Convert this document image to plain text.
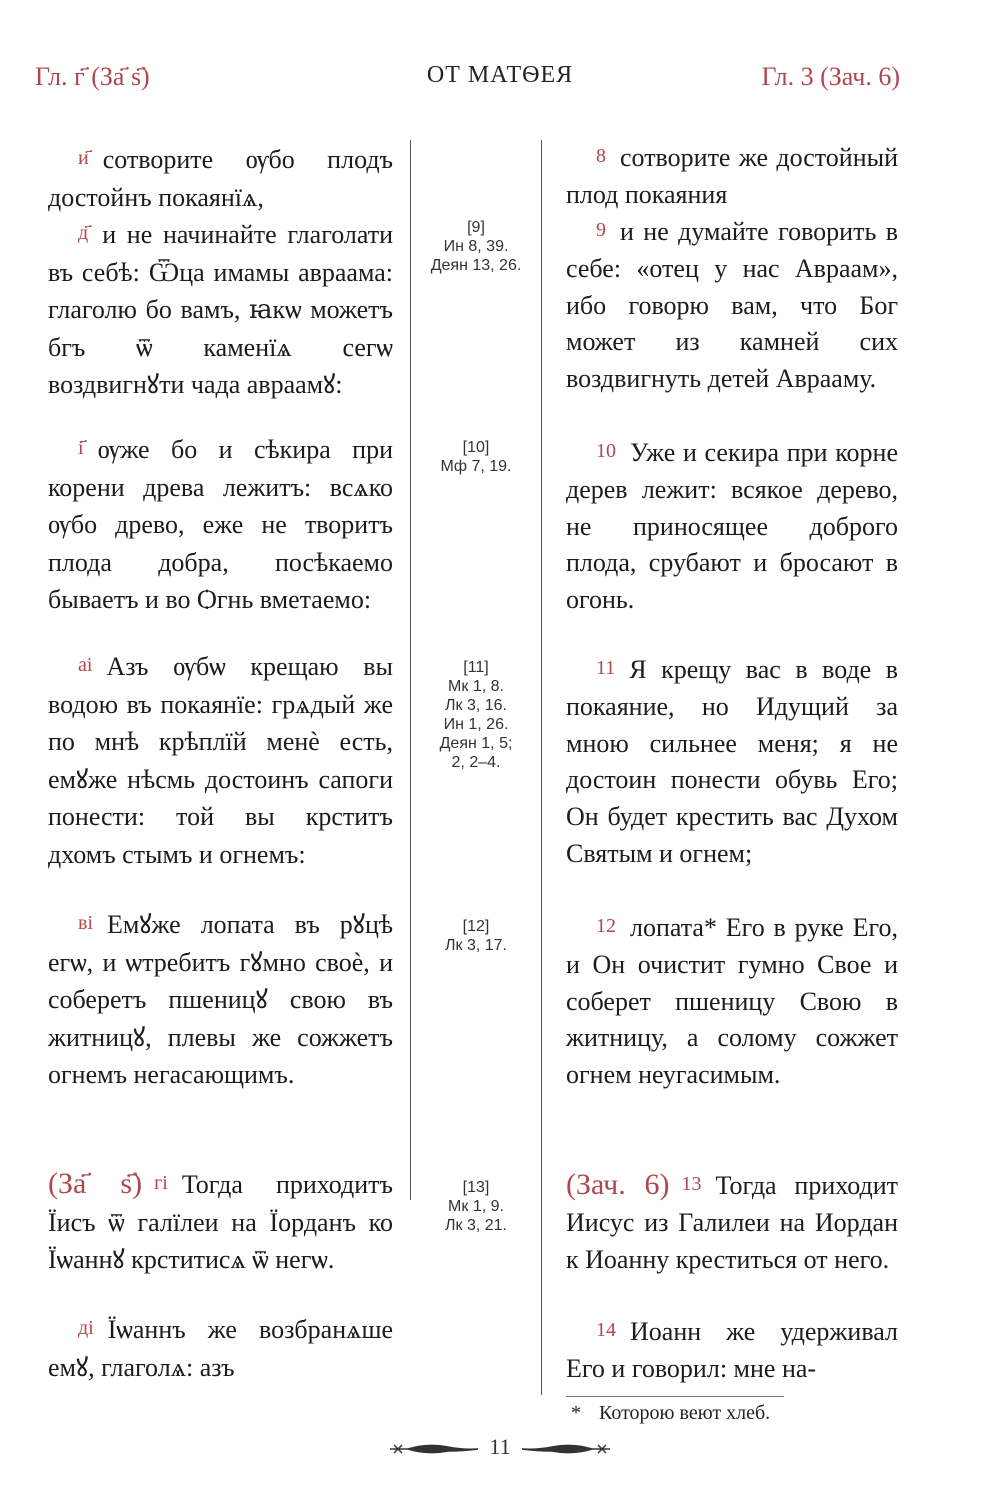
Гл. г҃ (За҃ ѕ҃)	ОТ МАТѲЕЯ	Гл. 3 (Зач. 6)

и҃ сотворите ѹбо плодъ достойнъ покаянїѧ,

д҃ и не начинайте глаголати въ себѣ: Ѿца имамы авраама: глаголю бо вамъ, ꙗкѡ можетъ бгъ ѿ каменїѧ сегѡ воздвигнꙋти чада авраамꙋ:

і҃ ѹже бо и сѣкира при корени древа лежитъ: всѧко ѹбо древо, еже не творитъ плода добра, посѣкаемо бываетъ и во Ѻгнь вметаемо:

аі Азъ ѹбѡ крещаю вы водою въ покаянїе: грѧдый же по мнѣ крѣплїй менѐ есть, емꙋже нѣсмь достоинъ сапоги понести: той вы крститъ дхомъ стымъ и огнемъ:

ві Емꙋже лопата въ рꙋцѣ егѡ, и ѡтребитъ гꙋмно своѐ, и соберетъ пшеницꙋ свою въ житницꙋ, плевы же сожжетъ огнемъ негасающимъ.

(За҃ ѕ҃) гі Тогда приходитъ Їисъ ѿ галїлеи на Їорданъ ко Їѡаннꙋ крститисѧ ѿ негѡ.

ді Їѡаннъ же возбранѧше емꙋ, глаголѧ: азъ

[9]
Ин 8, 39.
Деян 13, 26.
[10]
Мф 7, 19.
[11]
Мк 1, 8.
Лк 3, 16.
Ин 1, 26.
Деян 1, 5;
2, 2–4.
[12]
Лк 3, 17.
[13]
Мк 1, 9.
Лк 3, 21.

8 сотворите же достойный плод покаяния

9 и не думайте говорить в себе: «отец у нас Авраам», ибо говорю вам, что Бог может из камней сих воздвигнуть детей Аврааму.

10 Уже и секира при корне дерев лежит: всякое дерево, не приносящее доброго плода, срубают и бросают в огонь.

11 Я крещу вас в воде в покаяние, но Идущий за мною сильнее меня; я не достоин понести обувь Его; Он будет крестить вас Духом Святым и огнем;

12 лопата* Его в руке Его, и Он очистит гумно Свое и соберет пшеницу Свою в житницу, а солому сожжет огнем неугасимым.

(Зач. 6) 13 Тогда приходит Иисус из Галилеи на Иордан к Иоанну креститься от него.

14 Иоанн же удерживал Его и говорил: мне на-

* Которою веют хлеб.
11
